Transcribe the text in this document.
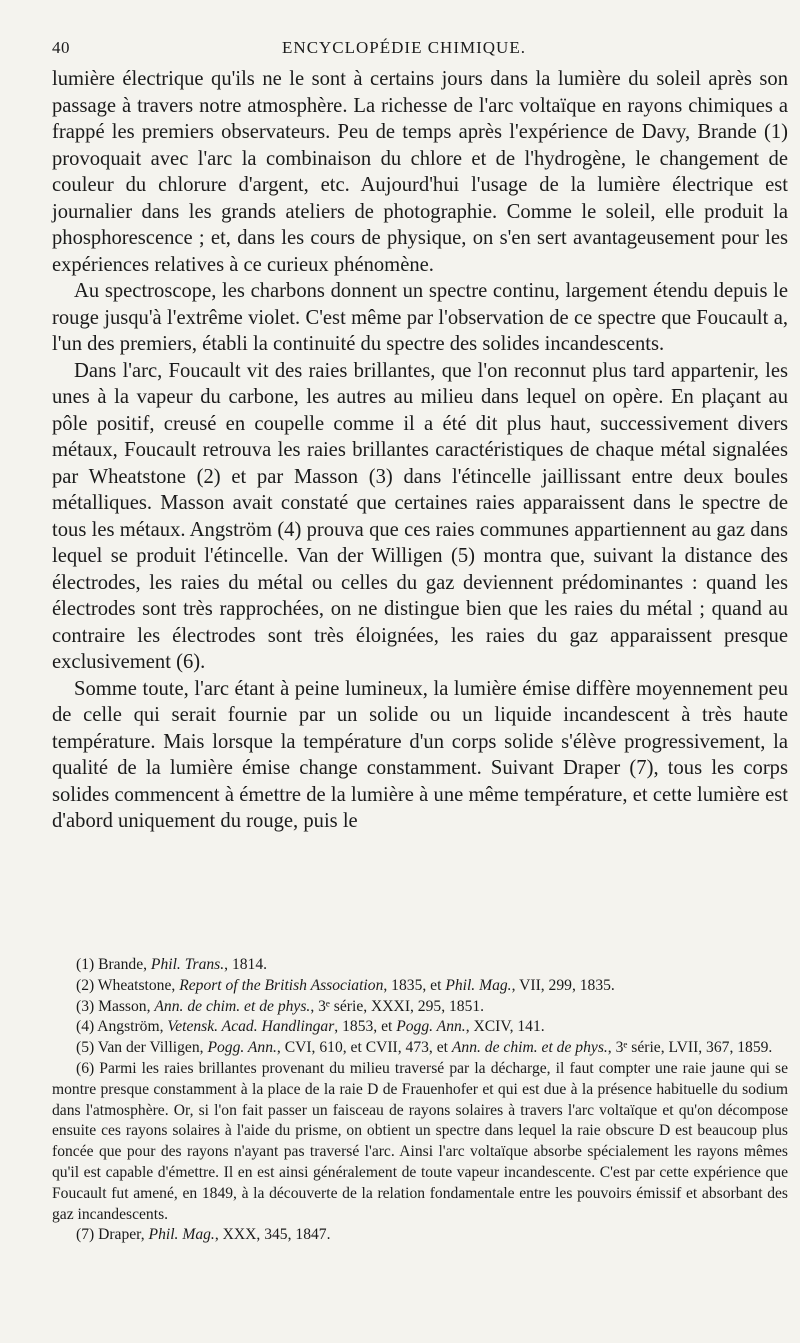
40	ENCYCLOPÉDIE CHIMIQUE.

lumière électrique qu'ils ne le sont à certains jours dans la lumière du soleil après son passage à travers notre atmosphère. La richesse de l'arc voltaïque en rayons chimiques a frappé les premiers observateurs. Peu de temps après l'expérience de Davy, Brande (1) provoquait avec l'arc la combinaison du chlore et de l'hydrogène, le changement de couleur du chlorure d'argent, etc. Aujourd'hui l'usage de la lumière électrique est journalier dans les grands ateliers de photographie. Comme le soleil, elle produit la phosphorescence ; et, dans les cours de physique, on s'en sert avantageusement pour les expériences relatives à ce curieux phénomène.

Au spectroscope, les charbons donnent un spectre continu, largement étendu depuis le rouge jusqu'à l'extrême violet. C'est même par l'observation de ce spectre que Foucault a, l'un des premiers, établi la continuité du spectre des solides incandescents.

Dans l'arc, Foucault vit des raies brillantes, que l'on reconnut plus tard appartenir, les unes à la vapeur du carbone, les autres au milieu dans lequel on opère. En plaçant au pôle positif, creusé en coupelle comme il a été dit plus haut, successivement divers métaux, Foucault retrouva les raies brillantes caractéristiques de chaque métal signalées par Wheatstone (2) et par Masson (3) dans l'étincelle jaillissant entre deux boules métalliques. Masson avait constaté que certaines raies apparaissent dans le spectre de tous les métaux. Angström (4) prouva que ces raies communes appartiennent au gaz dans lequel se produit l'étincelle. Van der Willigen (5) montra que, suivant la distance des électrodes, les raies du métal ou celles du gaz deviennent prédominantes : quand les électrodes sont très rapprochées, on ne distingue bien que les raies du métal ; quand au contraire les électrodes sont très éloignées, les raies du gaz apparaissent presque exclusivement (6).

Somme toute, l'arc étant à peine lumineux, la lumière émise diffère moyennement peu de celle qui serait fournie par un solide ou un liquide incandescent à très haute température. Mais lorsque la température d'un corps solide s'élève progressivement, la qualité de la lumière émise change constamment. Suivant Draper (7), tous les corps solides commencent à émettre de la lumière à une même température, et cette lumière est d'abord uniquement du rouge, puis le

(1) Brande, Phil. Trans., 1814.

(2) Wheatstone, Report of the British Association, 1835, et Phil. Mag., VII, 299, 1835.

(3) Masson, Ann. de chim. et de phys., 3ᵉ série, XXXI, 295, 1851.

(4) Angström, Vetensk. Acad. Handlingar, 1853, et Pogg. Ann., XCIV, 141.

(5) Van der Villigen, Pogg. Ann., CVI, 610, et CVII, 473, et Ann. de chim. et de phys., 3ᵉ série, LVII, 367, 1859.

(6) Parmi les raies brillantes provenant du milieu traversé par la décharge, il faut compter une raie jaune qui se montre presque constamment à la place de la raie D de Frauenhofer et qui est due à la présence habituelle du sodium dans l'atmosphère. Or, si l'on fait passer un faisceau de rayons solaires à travers l'arc voltaïque et qu'on décompose ensuite ces rayons solaires à l'aide du prisme, on obtient un spectre dans lequel la raie obscure D est beaucoup plus foncée que pour des rayons n'ayant pas traversé l'arc. Ainsi l'arc voltaïque absorbe spécialement les rayons mêmes qu'il est capable d'émettre. Il en est ainsi généralement de toute vapeur incandescente. C'est par cette expérience que Foucault fut amené, en 1849, à la découverte de la relation fondamentale entre les pouvoirs émissif et absorbant des gaz incandescents.

(7) Draper, Phil. Mag., XXX, 345, 1847.
